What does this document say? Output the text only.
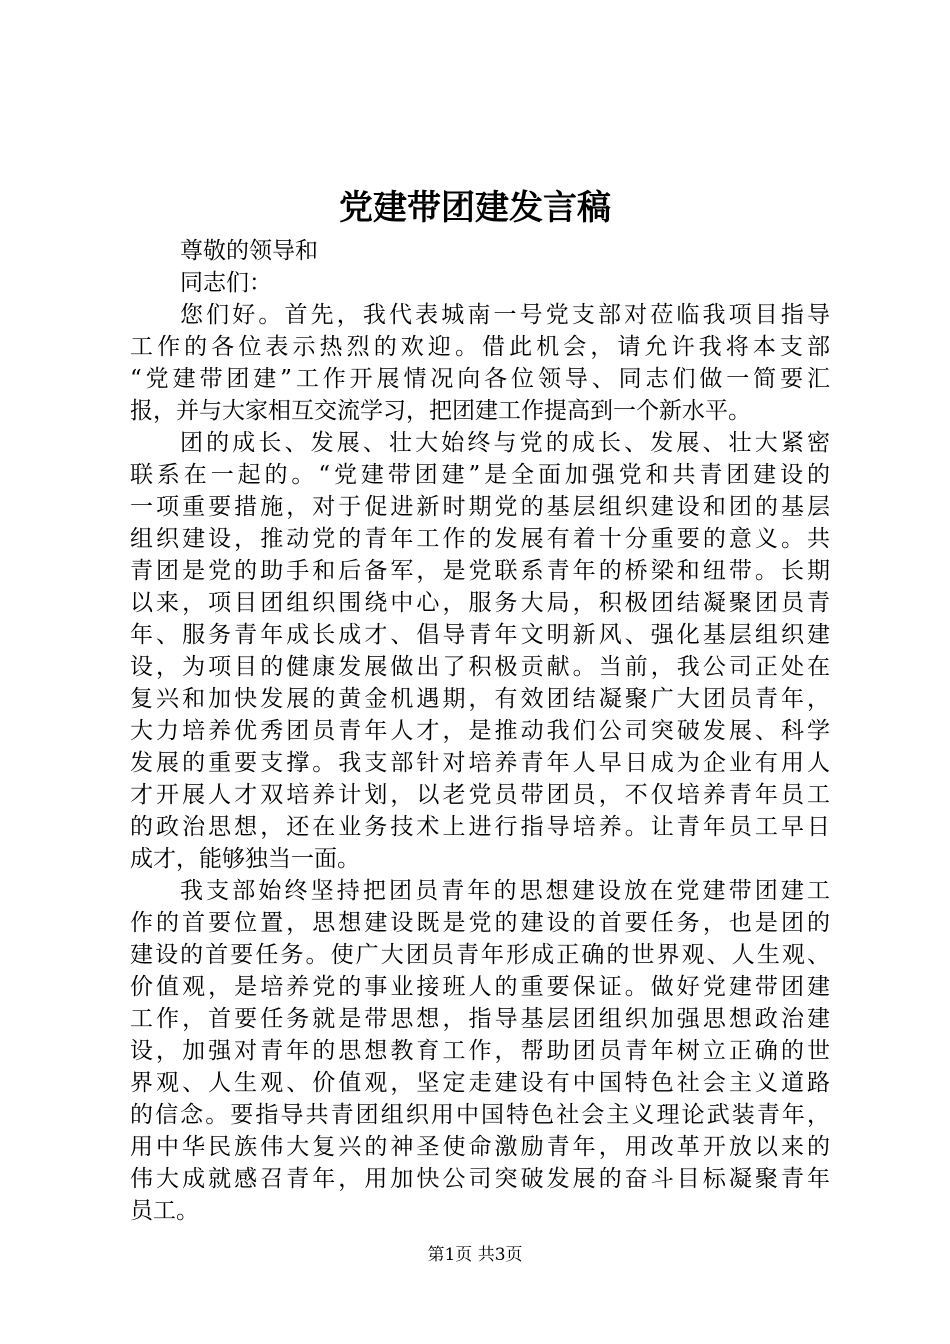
党建带团建发言稿
尊敬的领导和
同志们：
您们好。首先，我代表城南一号党支部对莅临我项目指导
工作的各位表示热烈的欢迎。借此机会，请允许我将本支部
“党建带团建”工作开展情况向各位领导、同志们做一简要汇
报，并与大家相互交流学习，把团建工作提高到一个新水平。
团的成长、发展、壮大始终与党的成长、发展、壮大紧密
联系在一起的。“党建带团建”是全面加强党和共青团建设的
一项重要措施，对于促进新时期党的基层组织建设和团的基层
组织建设，推动党的青年工作的发展有着十分重要的意义。共
青团是党的助手和后备军，是党联系青年的桥梁和纽带。长期
以来，项目团组织围绕中心，服务大局，积极团结凝聚团员青
年、服务青年成长成才、倡导青年文明新风、强化基层组织建
设，为项目的健康发展做出了积极贡献。当前，我公司正处在
复兴和加快发展的黄金机遇期，有效团结凝聚广大团员青年，
大力培养优秀团员青年人才，是推动我们公司突破发展、科学
发展的重要支撑。我支部针对培养青年人早日成为企业有用人
才开展人才双培养计划，以老党员带团员，不仅培养青年员工
的政治思想，还在业务技术上进行指导培养。让青年员工早日
成才，能够独当一面。
我支部始终坚持把团员青年的思想建设放在党建带团建工
作的首要位置，思想建设既是党的建设的首要任务，也是团的
建设的首要任务。使广大团员青年形成正确的世界观、人生观、
价值观，是培养党的事业接班人的重要保证。做好党建带团建
工作，首要任务就是带思想，指导基层团组织加强思想政治建
设，加强对青年的思想教育工作，帮助团员青年树立正确的世
界观、人生观、价值观，坚定走建设有中国特色社会主义道路
的信念。要指导共青团组织用中国特色社会主义理论武装青年，
用中华民族伟大复兴的神圣使命激励青年，用改革开放以来的
伟大成就感召青年，用加快公司突破发展的奋斗目标凝聚青年
员工。
第1页 共3页
